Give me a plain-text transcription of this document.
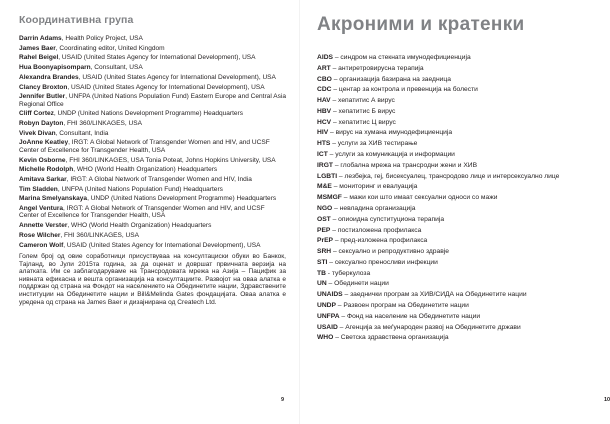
Координативна група
Darrin Adams, Health Policy Project, USA
James Baer, Coordinating editor, United Kingdom
Rahel Beigel, USAID (United States Agency for International Development), USA
Hua Boonyapisomparn, Consultant, USA
Alexandra Brandes, USAID (United States Agency for International Development), USA
Clancy Broxton, USAID (United States Agency for International Development), USA
Jennifer Butler, UNFPA (United Nations Population Fund) Eastern Europe and Central Asia Regional Office
Cliff Cortez, UNDP (United Nations Development Programme) Headquarters
Robyn Dayton, FHI 360/LINKAGES, USA
Vivek Divan, Consultant, India
JoAnne Keatley, IRGT: A Global Network of Transgender Women and HIV, and UCSF Center of Excellence for Transgender Health, USA
Kevin Osborne, FHI 360/LINKAGES, USA Tonia Poteat, Johns Hopkins University, USA
Michelle Rodolph, WHO (World Health Organization) Headquarters
Amitava Sarkar, IRGT: A Global Network of Transgender Women and HIV, India
Tim Sladden, UNFPA (United Nations Population Fund) Headquarters
Marina Smelyanskaya, UNDP (United Nations Development Programme) Headquarters
Angel Ventura, IRGT: A Global Network of Transgender Women and HIV, and UCSF Center of Excellence for Transgender Health, USA
Annette Verster, WHO (World Health Organization) Headquarters
Rose Wilcher, FHI 360/LINKAGES, USA
Cameron Wolf, USAID (United States Agency for International Development), USA

Голем број од овие соработници присуствуваа на консултациски обуки во Банкок, Тајланд, во Јули 2015та година, за да оценат и довршат првичната верзија на алатката. Им се заблагодаруваме на Трансродовата мрежа на Азија – Пацифик за нивната ефикасна и вешта организација на консултациите. Развојот на оваа алатка е поддржан од страна на Фондот на населението на Обединетите нации, Здравствените институции на Обединетите нации и Bill&Melinda Gates фондацијата. Оваа алатка е уредена од страна на James Baer и дизајнирана од Createch Ltd.

9
Акроними и кратенки
AIDS – синдром на стекната имунодефициенција
ART – антиретровирусна терапија
CBO – организација базирана на заедница
CDC – центар за контрола и превенција на болести
HAV – хепатитис А вирус
HBV – хепатитис Б вирус
HCV – хепатитис Ц вирус
HIV – вирус на хумана имунодефициенција
HTS – услуги за ХИВ тестирање
ICT – услуги за комуникација и информации
IRGT – глобална мрежа на трансродни жени и ХИВ
LGBTI – лезбејка, геј, бисексуалец, трансродово лице и интерсексуално лице
M&E – мониторинг и евалуација
MSMGF – мажи кои што имаат сексуални односи со мажи
NGO – невладина организација
OST – опиоидна супституциона терапија
PEP – постизложена профилакса
PrEP – пред-изложена профилакса
SRH – сексуално и репродуктивно здравје
STI – сексуално преносливи инфекции
TB - туберкулоза
UN – Обединети нации
UNAIDS – заеднички програм за ХИВ/СИДА на Обединетите нации
UNDP – Развоен програм на Обединетите нации
UNFPA – Фонд на население на Обединетите нации
USAID – Агенција за меѓународен развој на Обединетите држави
WHO – Светска здравствена организација
10
